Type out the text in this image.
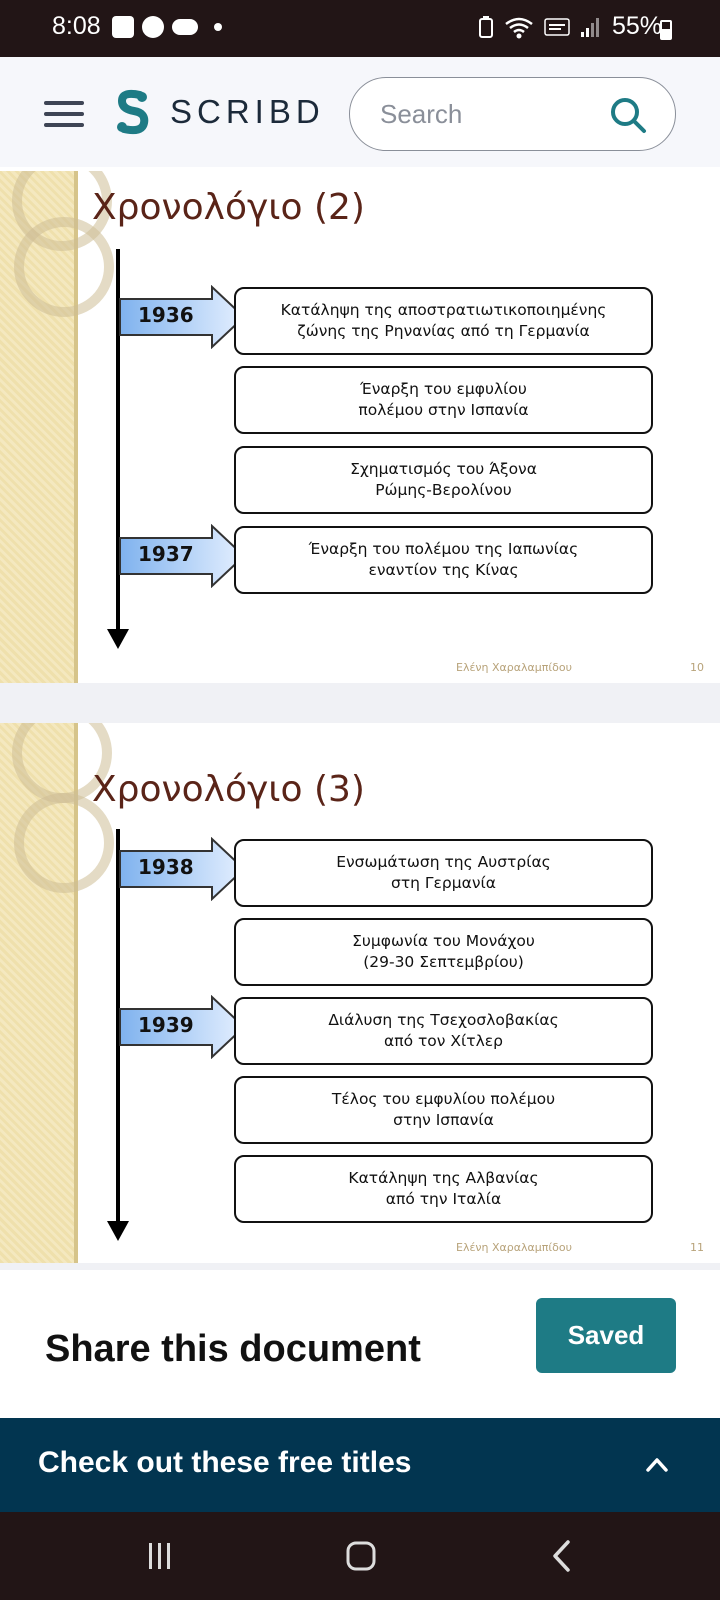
8:08	55%
SCRIBD
Search
Χρονολόγιο (2)
1936
1937
Κατάληψη της αποστρατιωτικοποιημένης
ζώνης της Ρηνανίας από τη Γερμανία
Έναρξη του εμφυλίου
πολέμου στην Ισπανία
Σχηματισμός του Άξονα
Ρώμης-Βερολίνου
Έναρξη του πολέμου της Ιαπωνίας
εναντίον της Κίνας
Ελένη Χαραλαμπίδου	10
Χρονολόγιο (3)
1938
1939
Ενσωμάτωση της Αυστρίας
στη Γερμανία
Συμφωνία του Μονάχου
(29-30 Σεπτεμβρίου)
Διάλυση της Τσεχοσλοβακίας
από τον Χίτλερ
Τέλος του εμφυλίου πολέμου
στην Ισπανία
Κατάληψη της Αλβανίας
από την Ιταλία
Ελένη Χαραλαμπίδου	11
Saved
Share this document
Check out these free titles
